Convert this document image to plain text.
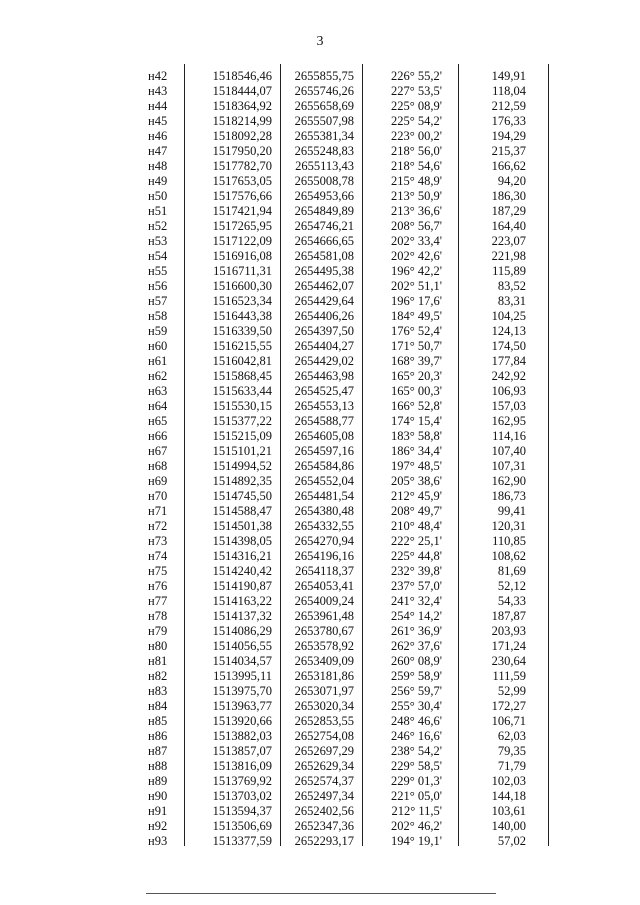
3
н42	1518546,46	2655855,75	226° 55,2'	149,91
н43	1518444,07	2655746,26	227° 53,5'	118,04
н44	1518364,92	2655658,69	225° 08,9'	212,59
н45	1518214,99	2655507,98	225° 54,2'	176,33
н46	1518092,28	2655381,34	223° 00,2'	194,29
н47	1517950,20	2655248,83	218° 56,0'	215,37
н48	1517782,70	2655113,43	218° 54,6'	166,62
н49	1517653,05	2655008,78	215° 48,9'	94,20
н50	1517576,66	2654953,66	213° 50,9'	186,30
н51	1517421,94	2654849,89	213° 36,6'	187,29
н52	1517265,95	2654746,21	208° 56,7'	164,40
н53	1517122,09	2654666,65	202° 33,4'	223,07
н54	1516916,08	2654581,08	202° 42,6'	221,98
н55	1516711,31	2654495,38	196° 42,2'	115,89
н56	1516600,30	2654462,07	202° 51,1'	83,52
н57	1516523,34	2654429,64	196° 17,6'	83,31
н58	1516443,38	2654406,26	184° 49,5'	104,25
н59	1516339,50	2654397,50	176° 52,4'	124,13
н60	1516215,55	2654404,27	171° 50,7'	174,50
н61	1516042,81	2654429,02	168° 39,7'	177,84
н62	1515868,45	2654463,98	165° 20,3'	242,92
н63	1515633,44	2654525,47	165° 00,3'	106,93
н64	1515530,15	2654553,13	166° 52,8'	157,03
н65	1515377,22	2654588,77	174° 15,4'	162,95
н66	1515215,09	2654605,08	183° 58,8'	114,16
н67	1515101,21	2654597,16	186° 34,4'	107,40
н68	1514994,52	2654584,86	197° 48,5'	107,31
н69	1514892,35	2654552,04	205° 38,6'	162,90
н70	1514745,50	2654481,54	212° 45,9'	186,73
н71	1514588,47	2654380,48	208° 49,7'	99,41
н72	1514501,38	2654332,55	210° 48,4'	120,31
н73	1514398,05	2654270,94	222° 25,1'	110,85
н74	1514316,21	2654196,16	225° 44,8'	108,62
н75	1514240,42	2654118,37	232° 39,8'	81,69
н76	1514190,87	2654053,41	237° 57,0'	52,12
н77	1514163,22	2654009,24	241° 32,4'	54,33
н78	1514137,32	2653961,48	254° 14,2'	187,87
н79	1514086,29	2653780,67	261° 36,9'	203,93
н80	1514056,55	2653578,92	262° 37,6'	171,24
н81	1514034,57	2653409,09	260° 08,9'	230,64
н82	1513995,11	2653181,86	259° 58,9'	111,59
н83	1513975,70	2653071,97	256° 59,7'	52,99
н84	1513963,77	2653020,34	255° 30,4'	172,27
н85	1513920,66	2652853,55	248° 46,6'	106,71
н86	1513882,03	2652754,08	246° 16,6'	62,03
н87	1513857,07	2652697,29	238° 54,2'	79,35
н88	1513816,09	2652629,34	229° 58,5'	71,79
н89	1513769,92	2652574,37	229° 01,3'	102,03
н90	1513703,02	2652497,34	221° 05,0'	144,18
н91	1513594,37	2652402,56	212° 11,5'	103,61
н92	1513506,69	2652347,36	202° 46,2'	140,00
н93	1513377,59	2652293,17	194° 19,1'	57,02
